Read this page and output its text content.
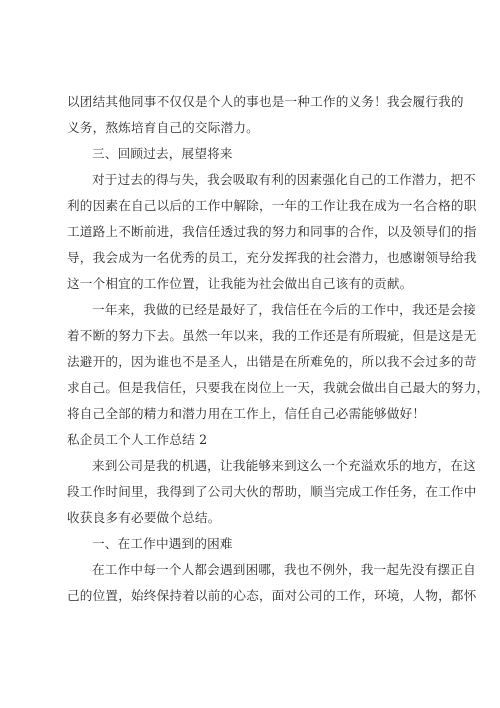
以 团 结 其 他 同 事 不 仅 仅 是 个 人 的 事 也 是 一 种 工 作 的 义 务 ！ 我 会 履 行 我 的
义务，熬炼培育自己的交际潜力。
三、回顾过去，展望将来
对 于 过 去 的 得 与 失 ， 我 会 吸 取 有 利 的 因 素 强 化 自 己 的 工 作 潜 力 ， 把 不
利 的 因 素 在 自 己 以 后 的 工 作 中 解 除 ， 一 年 的 工 作 让 我 在 成 为 一 名 合 格 的 职
工 道 路 上 不 断 前 进 ， 我 信 任 透 过 我 的 努 力 和 同 事 的 合 作 ， 以 及 领 导 们 的 指
导 ， 我 会 成 为 一 名 优 秀 的 员 工 ， 充 分 发 挥 我 的 社 会 潜 力 ， 也 感 谢 领 导 给 我
这一个相宜的工作位置，让我能为社会做出自己该有的贡献。
一 年 来 ， 我 做 的 已 经 是 最 好 了 ， 我 信 任 在 今 后 的 工 作 中 ， 我 还 是 会 接
着 不 断 的 努 力 下 去 。 虽 然 一 年 以 来 ， 我 的 工 作 还 是 有 所 瑕 疵 ， 但 是 这 是 无
法 避 开 的 ， 因 为 谁 也 不 是 圣 人 ， 出 错 是 在 所 难 免 的 ， 所 以 我 不 会 过 多 的 苛
求 自 己 。 但 是 我 信 任 ， 只 要 我 在 岗 位 上 一 天 ， 我 就 会 做 出 自 己 最 大 的 努 力 ，
将自己全部的精力和潜力用在工作上，信任自己必需能够做好！
私企员工个人工作总结 2
来 到 公 司 是 我 的 机 遇 ， 让 我 能 够 来 到 这 么 一 个 充 溢 欢 乐 的 地 方 ， 在 这
段 工 作 时 间 里 ， 我 得 到 了 公 司 大 伙 的 帮 助 ， 顺 当 完 成 工 作 任 务 ， 在 工 作 中
收获良多有必要做个总结。
一、在工作中遇到的困难
在 工 作 中 每 一 个 人 都 会 遇 到 困 哪 ， 我 也 不 例 外 ， 我 一 起 先 没 有 摆 正 自
己 的 位 置 ， 始 终 保 持 着 以 前 的 心 态 ， 面 对 公 司 的 工 作 ， 环 境 ， 人 物 ， 都 怀
